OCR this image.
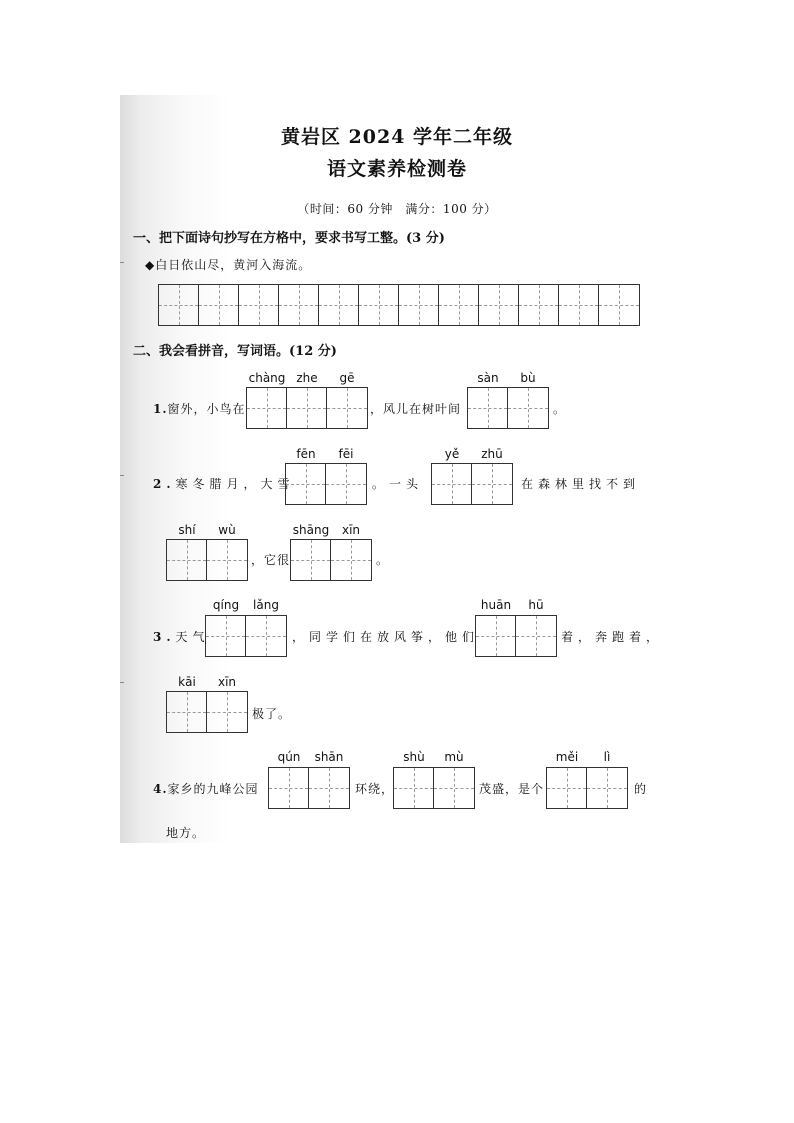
黄岩区 2024 学年二年级
语文素养检测卷
（时间：60 分钟　满分：100 分）
一、把下面诗句抄写在方格中，要求书写工整。(3 分)
◆白日依山尽，黄河入海流。
二、我会看拼音，写词语。(12 分)
chàng zhe	gē	sàn	bù
1.窗外，小鸟在	，风儿在树叶间	。
fēn	fēi	yě	zhū
2.寒冬腊月，大雪	。一头	在森林里找不到
shí	wù	shāng	xīn
，它很	。
qíng	lǎng	huān	hū
3.天气	，同学们在放风筝，他们	着，奔跑着，
kāi	xīn
极了。
qún	shān	shù	mù	měi	lì
4.家乡的九峰公园	环绕，	茂盛，是个	的
地方。
